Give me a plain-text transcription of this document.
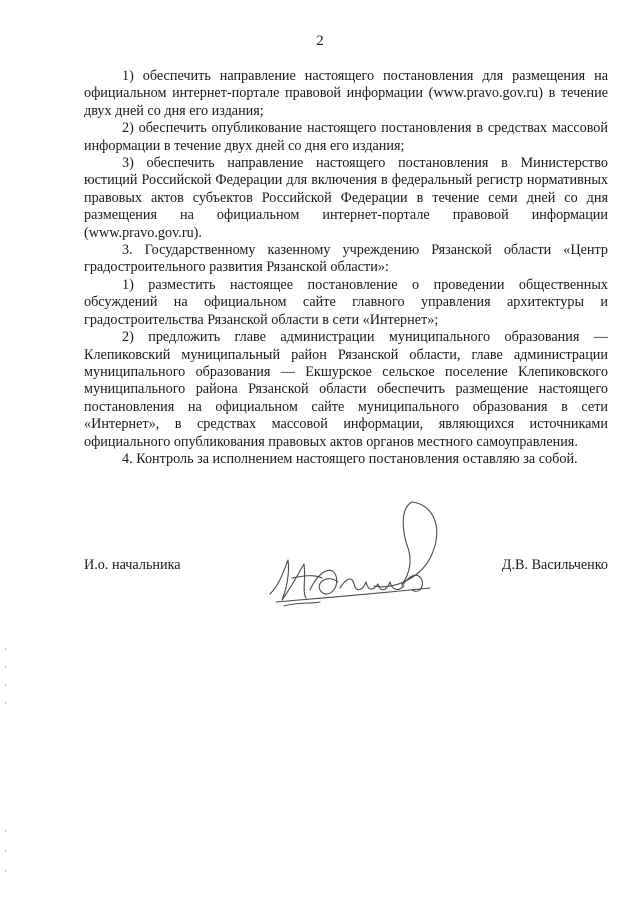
2

1) обеспечить направление настоящего постановления для размещения на официальном интернет-портале правовой информации (www.pravo.gov.ru) в течение двух дней со дня его издания;

2) обеспечить опубликование настоящего постановления в средствах массовой информации в течение двух дней со дня его издания;

3) обеспечить направление настоящего постановления в Министерство юстиций Российской Федерации для включения в федеральный регистр нормативных правовых актов субъектов Российской Федерации в течение семи дней со дня размещения на официальном интернет-портале правовой информации (www.pravo.gov.ru).

3. Государственному казенному учреждению Рязанской области «Центр градостроительного развития Рязанской области»:

1) разместить настоящее постановление о проведении общественных обсуждений на официальном сайте главного управления архитектуры и градостроительства Рязанской области в сети «Интернет»;

2) предложить главе администрации муниципального образования — Клепиковский муниципальный район Рязанской области, главе администрации муниципального образования — Екшурское сельское поселение Клепиковского муниципального района Рязанской области обеспечить размещение настоящего постановления на официальном сайте муниципального образования в сети «Интернет», в средствах массовой информации, являющихся источниками официального опубликования правовых актов органов местного самоуправления.

4. Контроль за исполнением настоящего постановления оставляю за собой.

И.о. начальника	Д.В. Васильченко
